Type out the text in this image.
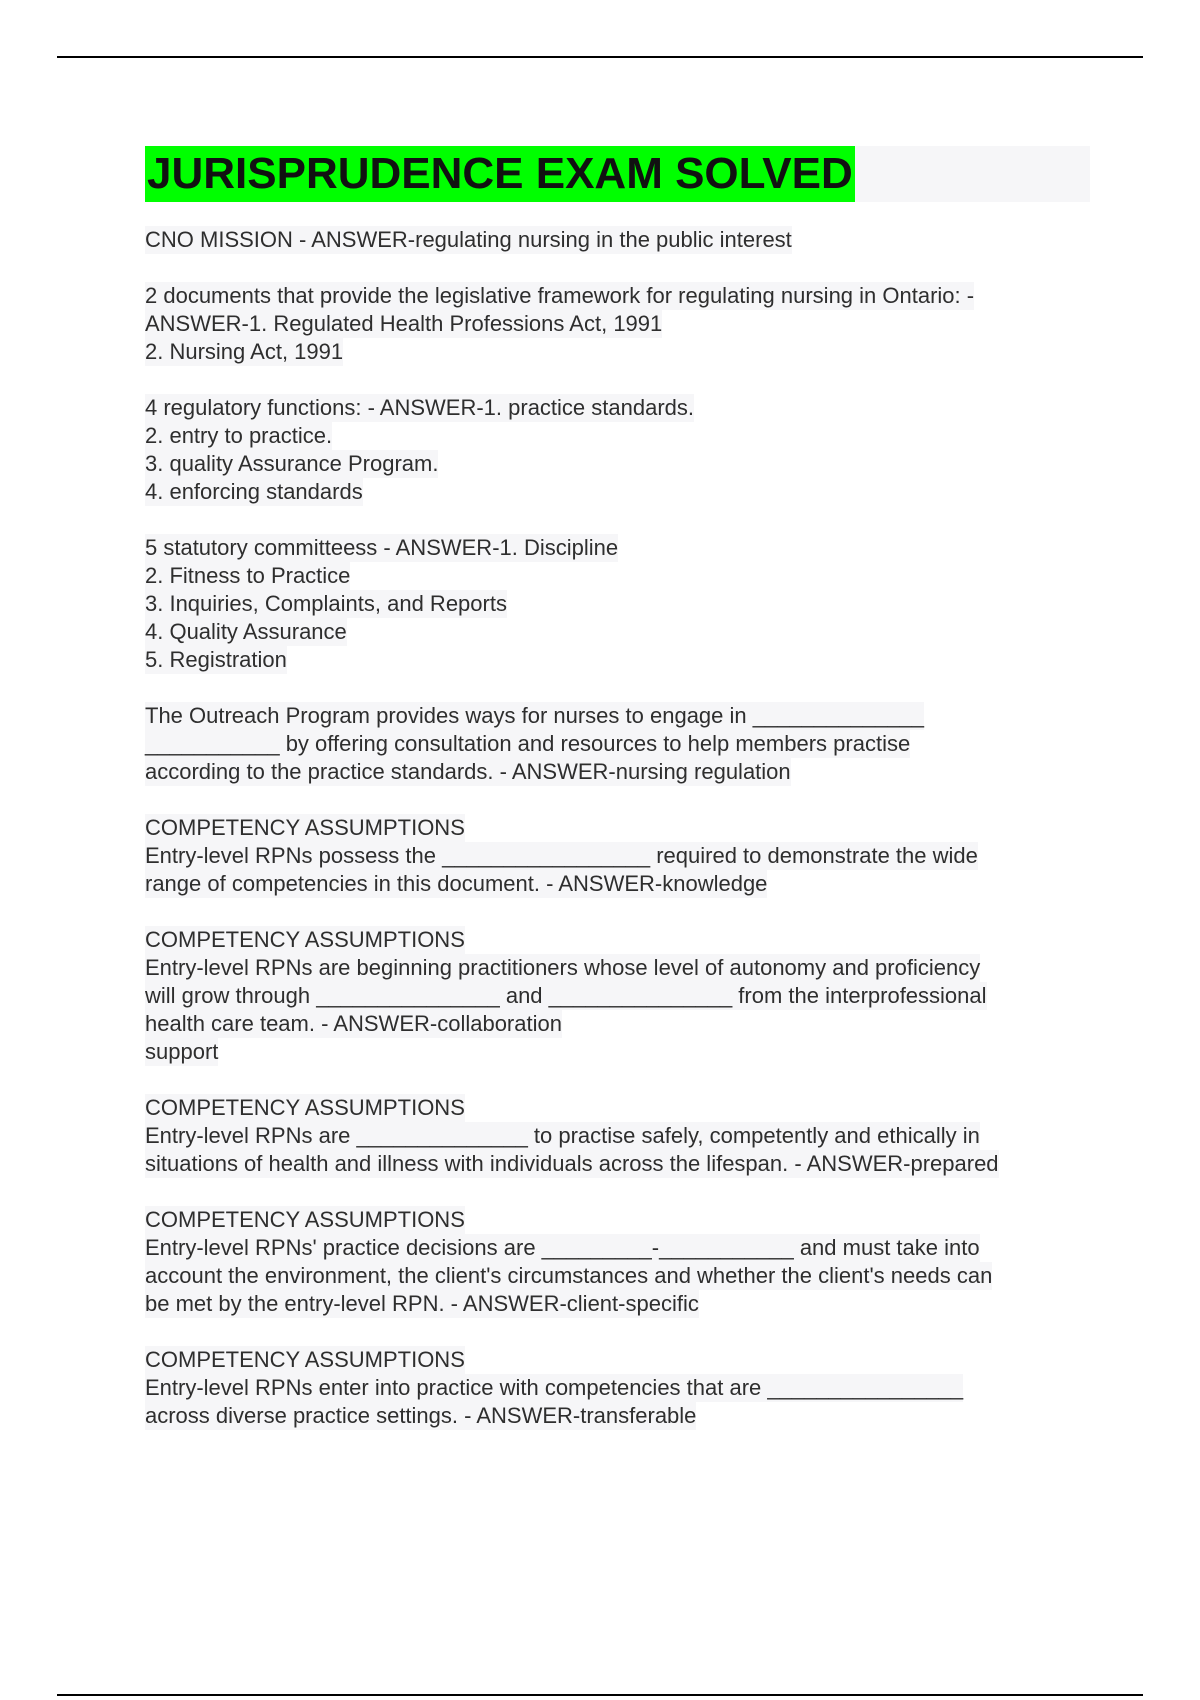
JURISPRUDENCE EXAM SOLVED
CNO MISSION - ANSWER-regulating nursing in the public interest
2 documents that provide the legislative framework for regulating nursing in Ontario: -
ANSWER-1. Regulated Health Professions Act, 1991
2. Nursing Act, 1991
4 regulatory functions: - ANSWER-1. practice standards.
2. entry to practice.
3. quality Assurance Program.
4. enforcing standards
5 statutory committeess - ANSWER-1. Discipline
2. Fitness to Practice
3. Inquiries, Complaints, and Reports
4. Quality Assurance
5. Registration
The Outreach Program provides ways for nurses to engage in ______________
___________ by offering consultation and resources to help members practise
according to the practice standards. - ANSWER-nursing regulation
COMPETENCY ASSUMPTIONS
Entry-level RPNs possess the _________________ required to demonstrate the wide
range of competencies in this document. - ANSWER-knowledge
COMPETENCY ASSUMPTIONS
Entry-level RPNs are beginning practitioners whose level of autonomy and proficiency
will grow through _______________ and _______________ from the interprofessional
health care team. - ANSWER-collaboration
support
COMPETENCY ASSUMPTIONS
Entry-level RPNs are ______________ to practise safely, competently and ethically in
situations of health and illness with individuals across the lifespan. - ANSWER-prepared
COMPETENCY ASSUMPTIONS
Entry-level RPNs' practice decisions are _________-___________ and must take into
account the environment, the client's circumstances and whether the client's needs can
be met by the entry-level RPN. - ANSWER-client-specific
COMPETENCY ASSUMPTIONS
Entry-level RPNs enter into practice with competencies that are ________________
across diverse practice settings. - ANSWER-transferable
